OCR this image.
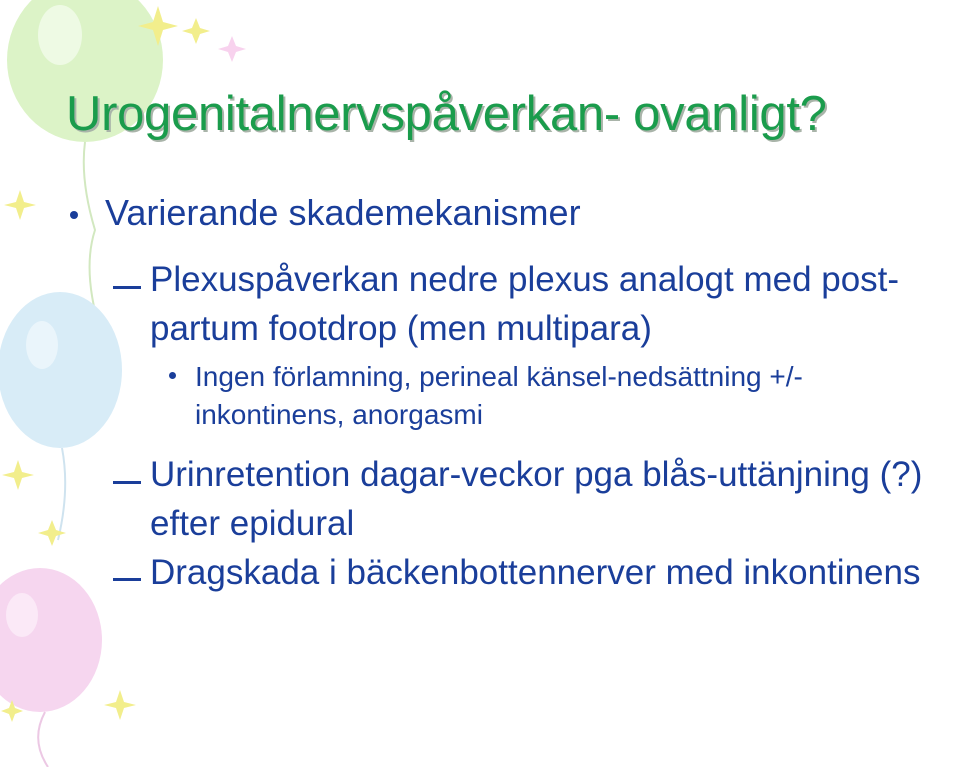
Urogenitalnervspåverkan- ovanligt?

Varierande skademekanismer

Plexuspåverkan nedre plexus analogt med post-partum footdrop (men multipara)

Ingen förlamning, perineal känsel-nedsättning +/- inkontinens, anorgasmi

Urinretention dagar-veckor pga blås-uttänjning (?) efter epidural

Dragskada i bäckenbottennerver med inkontinens
